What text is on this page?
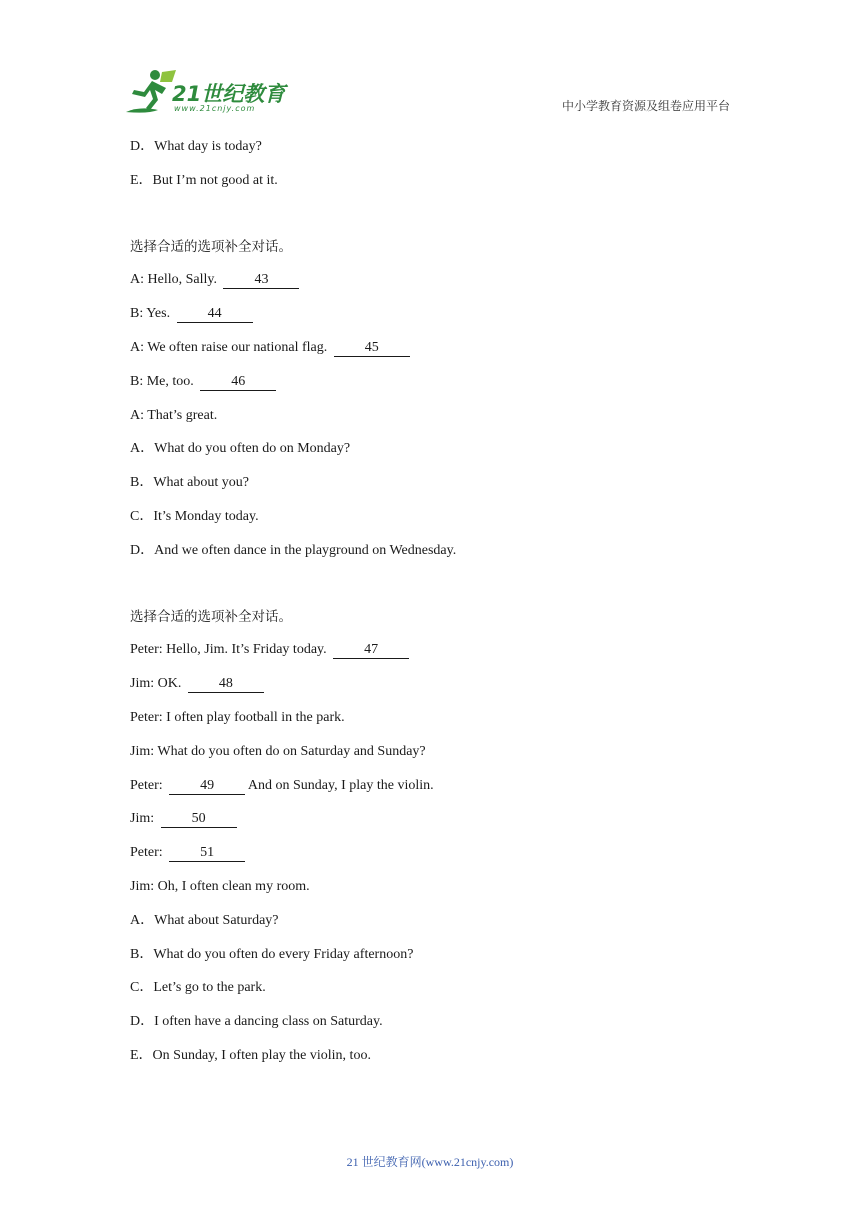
21世纪教育
www.21cnjy.com	中小学教育资源及组卷应用平台
D．What day is today?
E．But I’m not good at it.
选择合适的选项补全对话。
A: Hello, Sally.	43
B: Yes.	44
A: We often raise our national flag.	45
B: Me, too.	46
A: That’s great.
A．What do you often do on Monday?
B．What about you?
C．It’s Monday today.
D．And we often dance in the playground on Wednesday.
选择合适的选项补全对话。
Peter: Hello, Jim. It’s Friday today.	47
Jim: OK.	48
Peter: I often play football in the park.
Jim: What do you often do on Saturday and Sunday?
Peter:	49 And on Sunday, I play the violin.
Jim:	50
Peter:	51
Jim: Oh, I often clean my room.
A．What about Saturday?
B．What do you often do every Friday afternoon?
C．Let’s go to the park.
D．I often have a dancing class on Saturday.
E．On Sunday, I often play the violin, too.
21 世纪教育网(www.21cnjy.com)
